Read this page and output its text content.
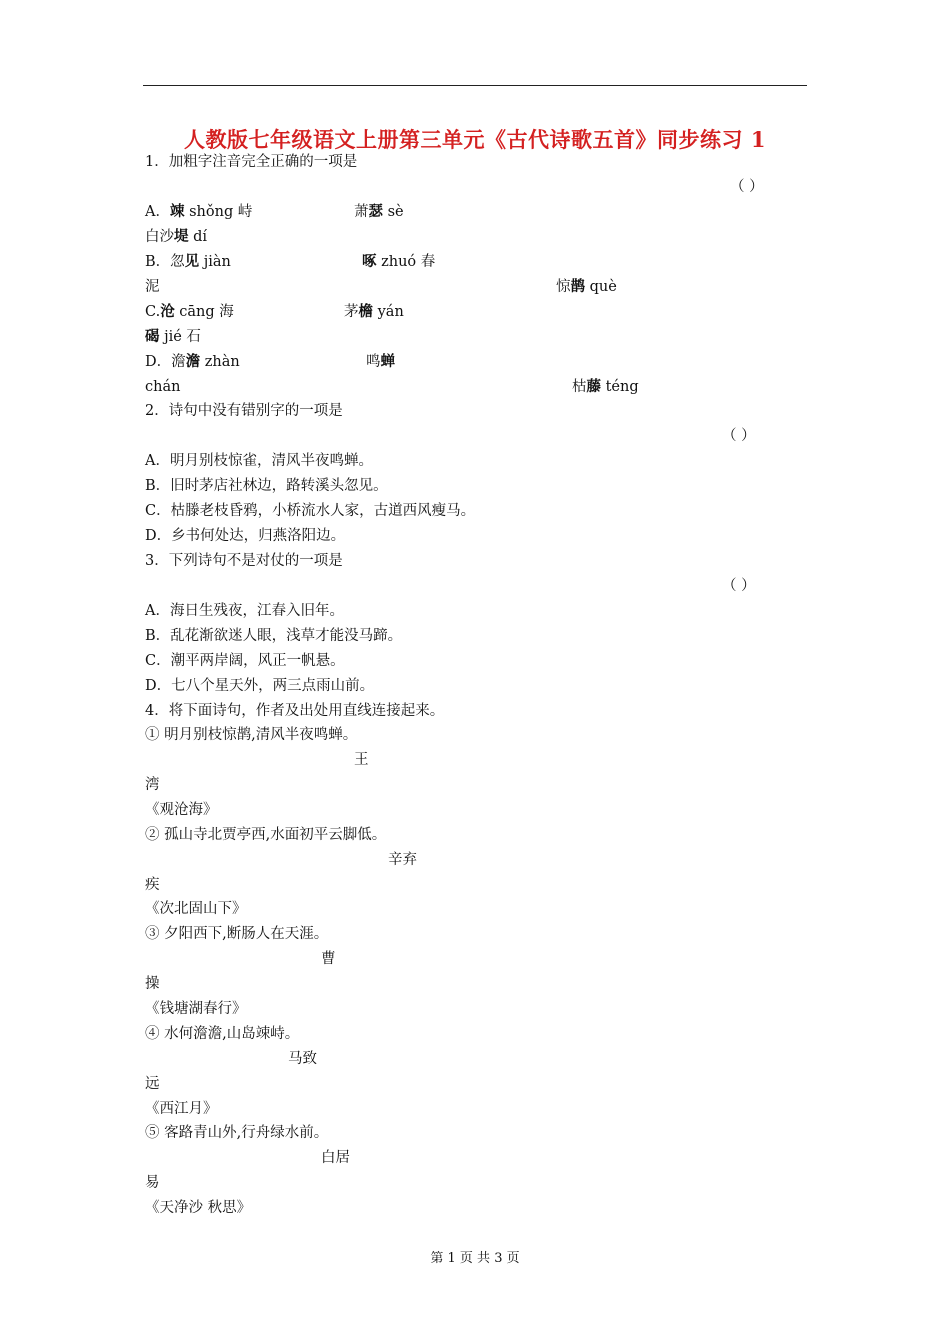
人教版七年级语文上册第三单元《古代诗歌五首》同步练习 1
1．加粗字注音完全正确的一项是
（ ）
A．竦 shǒng 峙	萧瑟 sè
白沙堤 dí
B．忽见 jiàn	啄 zhuó 春
泥	惊鹊 què
C.沧 cāng 海	茅檐 yán
碣 jié 石
D．澹澹 zhàn	鸣蝉
chán	枯藤 téng
2．诗句中没有错别字的一项是
（ ）
A．明月别枝惊雀，清风半夜鸣蝉。
B．旧时茅店社林边，路转溪头忽见。
C．枯滕老枝昏鸦，小桥流水人家，古道西风瘦马。
D．乡书何处达，归燕洛阳边。
3．下列诗句不是对仗的一项是
（ ）
A．海日生残夜，江春入旧年。
B．乱花渐欲迷人眼，浅草才能没马蹄。
C．潮平两岸阔，风正一帆悬。
D．七八个星天外，两三点雨山前。
4．将下面诗句，作者及出处用直线连接起来。
① 明月别枝惊鹊,清风半夜鸣蝉。
王
湾
《观沧海》
② 孤山寺北贾亭西,水面初平云脚低。
辛弃
疾
《次北固山下》
③ 夕阳西下,断肠人在天涯。
曹
操
《钱塘湖春行》
④ 水何澹澹,山岛竦峙。
马致
远
《西江月》
⑤ 客路青山外,行舟绿水前。
白居
易
《天净沙 秋思》
第 1 页 共 3 页
